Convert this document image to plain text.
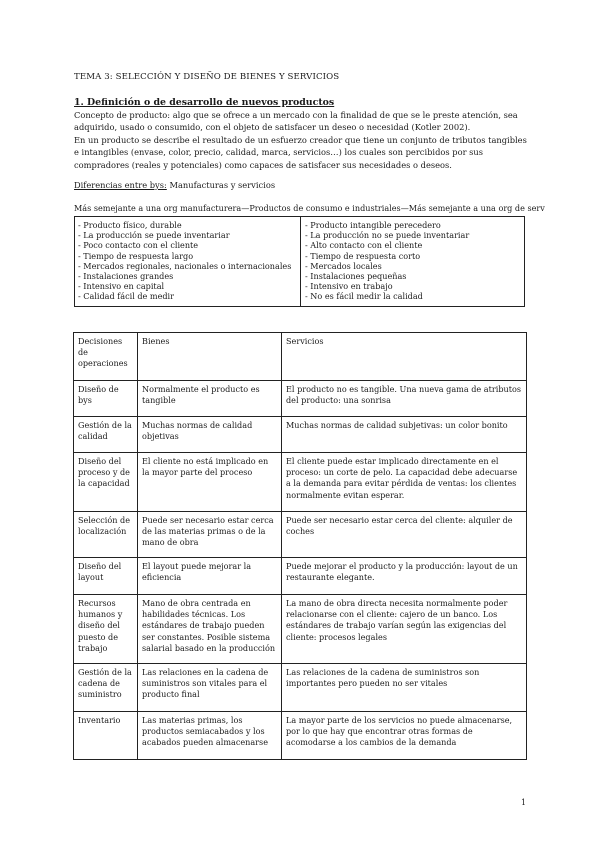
TEMA 3: SELECCIÓN Y DISEÑO DE BIENES Y SERVICIOS
1. Definición o de desarrollo de nuevos productos
Concepto de producto: algo que se ofrece a un mercado con la finalidad de que se le preste atención, sea adquirido, usado o consumido, con el objeto de satisfacer un deseo o necesidad (Kotler 2002).
En un producto se describe el resultado de un esfuerzo creador que tiene un conjunto de tributos tangibles e intangibles (envase, color, precio, calidad, marca, servicios…) los cuales son percibidos por sus compradores (reales y potenciales) como capaces de satisfacer sus necesidades o deseos.
Diferencias entre bys: Manufacturas y servicios
Más semejante a una org manufacturera—Productos de consumo e industriales—Más semejante a una org de serv
- Producto físico, durable
- La producción se puede inventariar
- Poco contacto con el cliente
- Tiempo de respuesta largo
- Mercados regionales, nacionales o internacionales
- Instalaciones grandes
- Intensivo en capital
- Calidad fácil de medir
- Producto intangible perecedero
- La producción no se puede inventariar
- Alto contacto con el cliente
- Tiempo de respuesta corto
- Mercados locales
- Instalaciones pequeñas
- Intensivo en trabajo
- No es fácil medir la calidad
Decisiones de operaciones	Bienes	Servicios
Diseño de bys	Normalmente el producto es tangible	El producto no es tangible. Una nueva gama de atributos del producto: una sonrisa
Gestión de la calidad	Muchas normas de calidad objetivas	Muchas normas de calidad subjetivas: un color bonito
Diseño del proceso y de la capacidad	El cliente no está implicado en la mayor parte del proceso	El cliente puede estar implicado directamente en el proceso: un corte de pelo. La capacidad debe adecuarse a la demanda para evitar pérdida de ventas: los clientes normalmente evitan esperar.
Selección de localización	Puede ser necesario estar cerca de las materias primas o de la mano de obra	Puede ser necesario estar cerca del cliente: alquiler de coches
Diseño del layout	El layout puede mejorar la eficiencia	Puede mejorar el producto y la producción: layout de un restaurante elegante.
Recursos humanos y diseño del puesto de trabajo	Mano de obra centrada en habilidades técnicas. Los estándares de trabajo pueden ser constantes. Posible sistema salarial basado en la producción	La mano de obra directa necesita normalmente poder relacionarse con el cliente: cajero de un banco. Los estándares de trabajo varían según las exigencias del cliente: procesos legales
Gestión de la cadena de suministro	Las relaciones en la cadena de suministros son vitales para el producto final	Las relaciones de la cadena de suministros son importantes pero pueden no ser vitales
Inventario	Las materias primas, los productos semiacabados y los acabados pueden almacenarse	La mayor parte de los servicios no puede almacenarse, por lo que hay que encontrar otras formas de acomodarse a los cambios de la demanda
1
